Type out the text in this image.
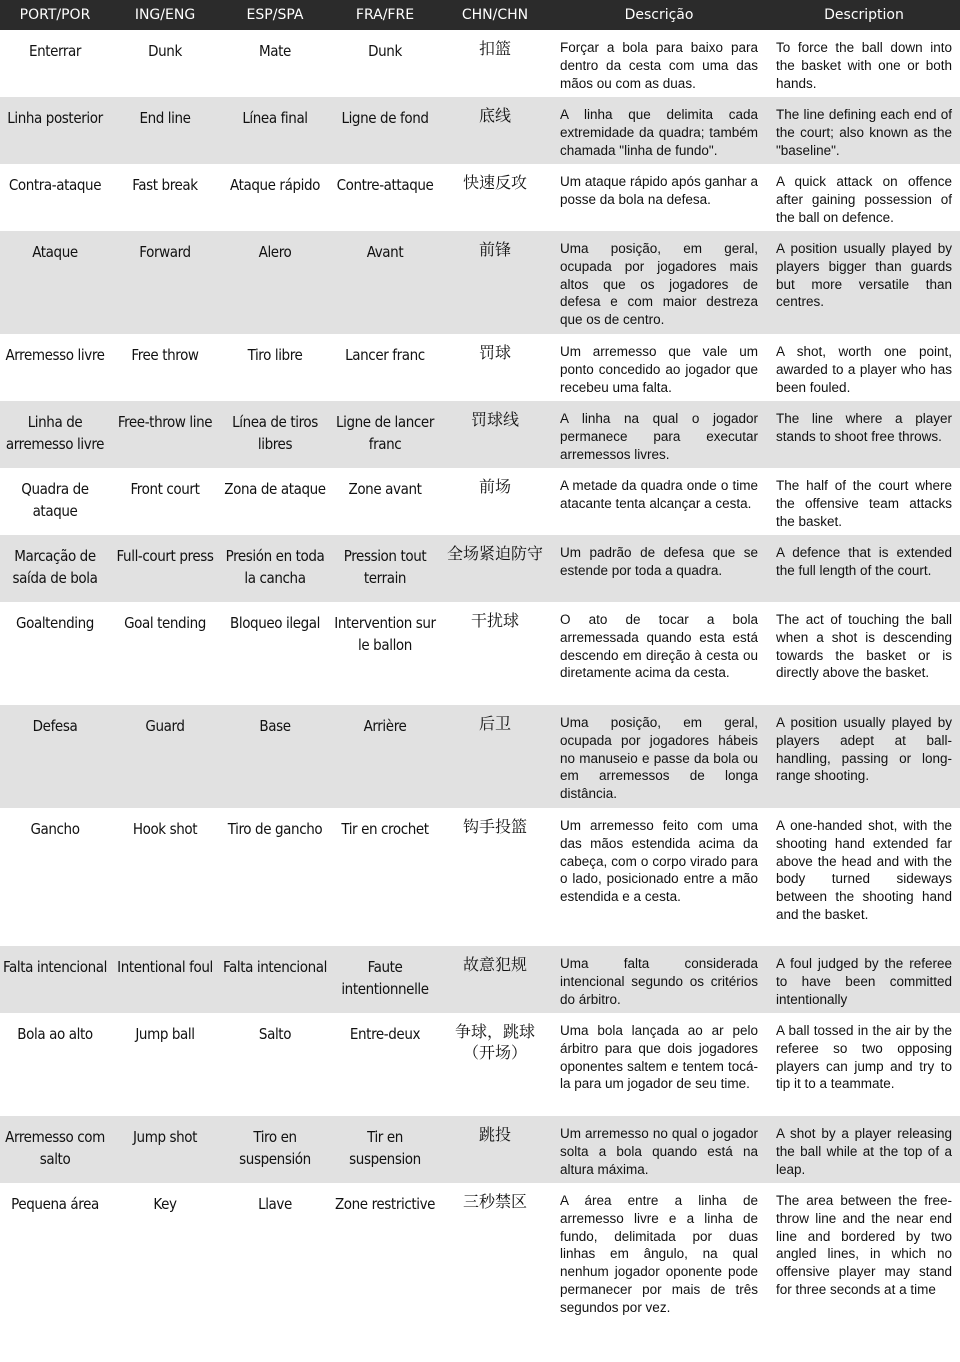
PORT/POR	ING/ENG	ESP/SPA	FRA/FRE	CHN/CHN	Descrição	Description
Enterrar	Dunk	Mate	Dunk	扣篮	Forçar a bola para baixo para dentro da cesta com uma das mãos ou com as duas.	To force the ball down into the basket with one or both hands.
Linha posterior	End line	Línea final	Ligne de fond	底线	A linha que delimita cada extremidade da quadra; também chamada "linha de fundo".	The line defining each end of the court; also known as the "baseline".
Contra-ataque	Fast break	Ataque rápido	Contre-attaque	快速反攻	Um ataque rápido após ganhar a posse da bola na defesa.	A quick attack on offence after gaining possession of the ball on defence.
Ataque	Forward	Alero	Avant	前锋	Uma posição, em geral, ocupada por jogadores mais altos que os jogadores de defesa e com maior destreza que os de centro.	A position usually played by players bigger than guards but more versatile than centres.
Arremesso livre	Free throw	Tiro libre	Lancer franc	罚球	Um arremesso que vale um ponto concedido ao jogador que recebeu uma falta.	A shot, worth one point, awarded to a player who has been fouled.
Linha de arremesso livre	Free-throw line	Línea de tiros libres	Ligne de lancer franc	罚球线	A linha na qual o jogador permanece para executar arremessos livres.	The line where a player stands to shoot free throws.
Quadra de ataque	Front court	Zona de ataque	Zone avant	前场	A metade da quadra onde o time atacante tenta alcançar a cesta.	The half of the court where the offensive team attacks the basket.
Marcação de saída de bola	Full-court press	Presión en toda la cancha	Pression tout terrain	全场紧迫防守	Um padrão de defesa que se estende por toda a quadra.	A defence that is extended the full length of the court.
Goaltending	Goal tending	Bloqueo ilegal	Intervention sur le ballon	干扰球	O ato de tocar a bola arremessada quando esta está descendo em direção à cesta ou diretamente acima da cesta.	The act of touching the ball when a shot is descending towards the basket or is directly above the basket.
Defesa	Guard	Base	Arrière	后卫	Uma posição, em geral, ocupada por jogadores hábeis no manuseio e passe da bola ou em arremessos de longa distância.	A position usually played by players adept at ball-handling, passing or long-range shooting.
Gancho	Hook shot	Tiro de gancho	Tir en crochet	钩手投篮	Um arremesso feito com uma das mãos estendida acima da cabeça, com o corpo virado para o lado, posicionado entre a mão estendida e a cesta.	A one-handed shot, with the shooting hand extended far above the head and with the body turned sideways between the shooting hand and the basket.
Falta intencional	Intentional foul	Falta intencional	Faute intentionnelle	故意犯规	Uma falta considerada intencional segundo os critérios do árbitro.	A foul judged by the referee to have been committed intentionally
Bola ao alto	Jump ball	Salto	Entre-deux	争球，跳球（开场）	Uma bola lançada ao ar pelo árbitro para que dois jogadores oponentes saltem e tentem tocá-la para um jogador de seu time.	A ball tossed in the air by the referee so two opposing players can jump and try to tip it to a teammate.
Arremesso com salto	Jump shot	Tiro en suspensión	Tir en suspension	跳投	Um arremesso no qual o jogador solta a bola quando está na altura máxima.	A shot by a player releasing the ball while at the top of a leap.
Pequena área	Key	Llave	Zone restrictive	三秒禁区	A área entre a linha de arremesso livre e a linha de fundo, delimitada por duas linhas em ângulo, na qual nenhum jogador oponente pode permanecer por mais de três segundos por vez.	The area between the free-throw line and the near end line and bordered by two angled lines, in which no offensive player may stand for three seconds at a time
